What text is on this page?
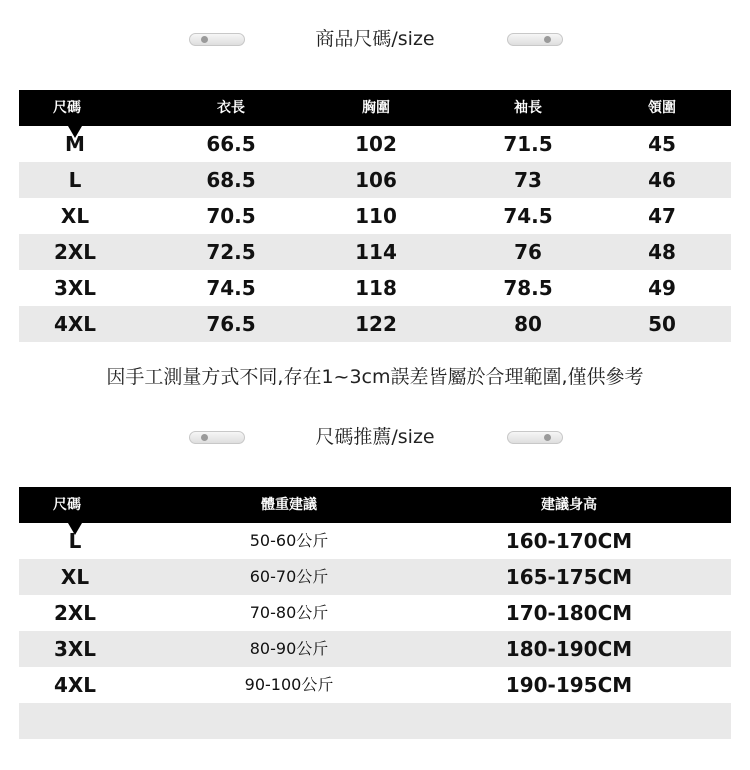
商品尺碼/size
尺碼	衣長	胸圍	袖長	領圍
M	66.5	102	71.5	45
L	68.5	106	73	46
XL	70.5	110	74.5	47
2XL	72.5	114	76	48
3XL	74.5	118	78.5	49
4XL	76.5	122	80	50
因手工測量方式不同,存在1~3cm誤差皆屬於合理範圍,僅供參考
尺碼推薦/size
尺碼	體重建議	建議身高
L	50-60公斤	160-170CM
XL	60-70公斤	165-175CM
2XL	70-80公斤	170-180CM
3XL	80-90公斤	180-190CM
4XL	90-100公斤	190-195CM
